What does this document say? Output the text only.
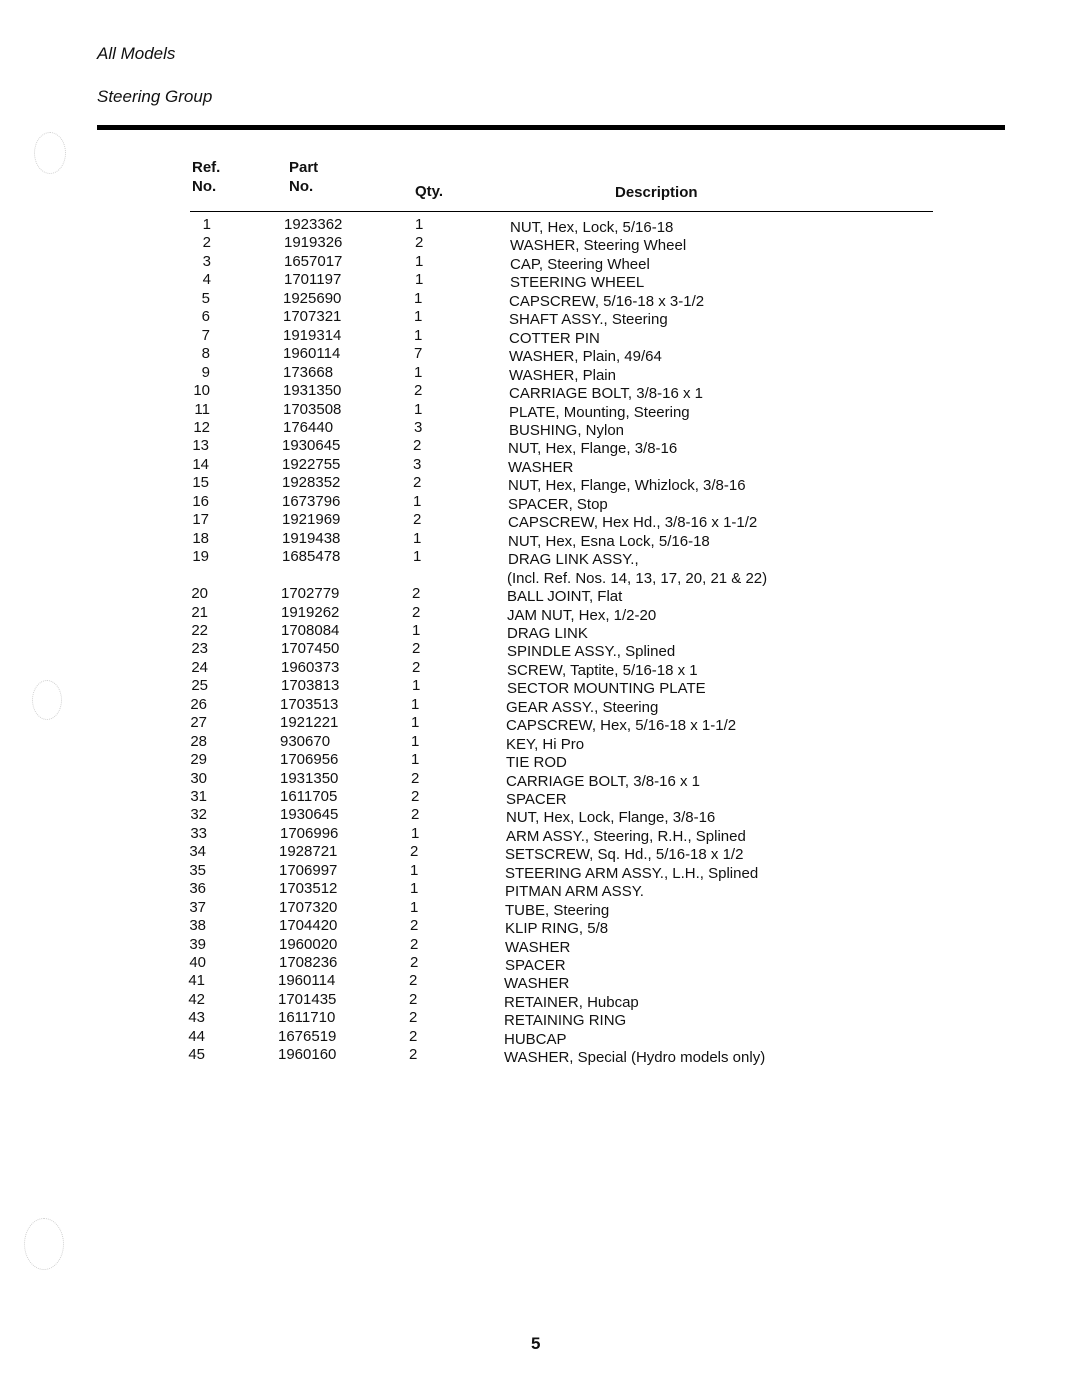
All Models
Steering Group
Ref.
No.
Part
No.	Qty.	Description
1	1923362	1	NUT, Hex, Lock, 5/16-18
2	1919326	2	WASHER, Steering Wheel
3	1657017	1	CAP, Steering Wheel
4	1701197	1	STEERING WHEEL
5	1925690	1	CAPSCREW, 5/16-18 x 3-1/2
6	1707321	1	SHAFT ASSY., Steering
7	1919314	1	COTTER PIN
8	1960114	7	WASHER, Plain, 49/64
9	173668	1	WASHER, Plain
10	1931350	2	CARRIAGE BOLT, 3/8-16 x 1
11	1703508	1	PLATE, Mounting, Steering
12	176440	3	BUSHING, Nylon
13	1930645	2	NUT, Hex, Flange, 3/8-16
14	1922755	3	WASHER
15	1928352	2	NUT, Hex, Flange, Whizlock, 3/8-16
16	1673796	1	SPACER, Stop
17	1921969	2	CAPSCREW, Hex Hd., 3/8-16 x 1-1/2
18	1919438	1	NUT, Hex, Esna Lock, 5/16-18
19	1685478	1	DRAG LINK ASSY.,
(Incl. Ref. Nos. 14, 13, 17, 20, 21 & 22)
20	1702779	2	BALL JOINT, Flat
21	1919262	2	JAM NUT, Hex, 1/2-20
22	1708084	1	DRAG LINK
23	1707450	2	SPINDLE ASSY., Splined
24	1960373	2	SCREW, Taptite, 5/16-18 x 1
25	1703813	1	SECTOR MOUNTING PLATE
26	1703513	1	GEAR ASSY., Steering
27	1921221	1	CAPSCREW, Hex, 5/16-18 x 1-1/2
28	930670	1	KEY, Hi Pro
29	1706956	1	TIE ROD
30	1931350	2	CARRIAGE BOLT, 3/8-16 x 1
31	1611705	2	SPACER
32	1930645	2	NUT, Hex, Lock, Flange, 3/8-16
33	1706996	1	ARM ASSY., Steering, R.H., Splined
34	1928721	2	SETSCREW, Sq. Hd., 5/16-18 x 1/2
35	1706997	1	STEERING ARM ASSY., L.H., Splined
36	1703512	1	PITMAN ARM ASSY.
37	1707320	1	TUBE, Steering
38	1704420	2	KLIP RING, 5/8
39	1960020	2	WASHER
40	1708236	2	SPACER
41	1960114	2	WASHER
42	1701435	2	RETAINER, Hubcap
43	1611710	2	RETAINING RING
44	1676519	2	HUBCAP
45	1960160	2	WASHER, Special (Hydro models only)
5
